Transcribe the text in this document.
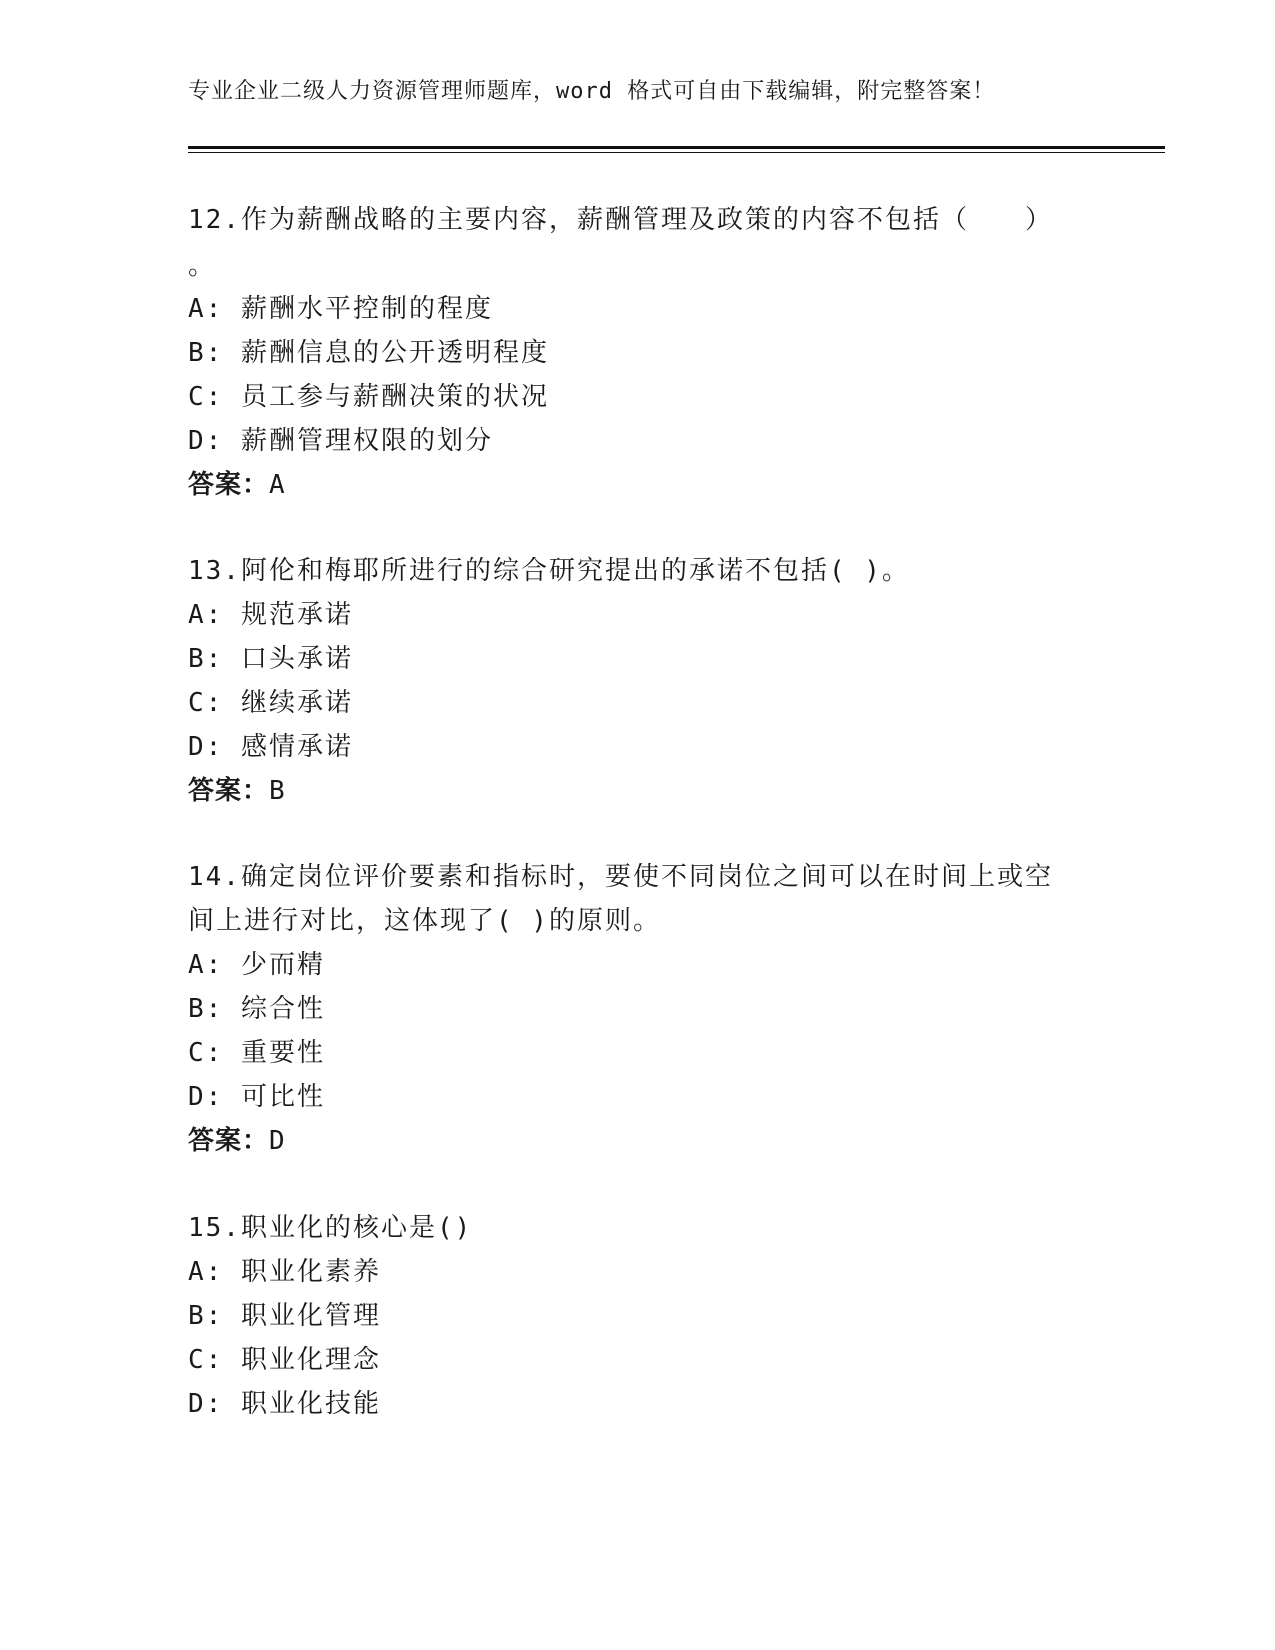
专业企业二级人力资源管理师题库，word 格式可自由下载编辑，附完整答案！
12.作为薪酬战略的主要内容，薪酬管理及政策的内容不包括（　　）
。
A: 薪酬水平控制的程度
B: 薪酬信息的公开透明程度
C: 员工参与薪酬决策的状况
D: 薪酬管理权限的划分
答案：A
13.阿伦和梅耶所进行的综合研究提出的承诺不包括( )。
A: 规范承诺
B: 口头承诺
C: 继续承诺
D: 感情承诺
答案：B
14.确定岗位评价要素和指标时，要使不同岗位之间可以在时间上或空
间上进行对比，这体现了( )的原则。
A: 少而精
B: 综合性
C: 重要性
D: 可比性
答案：D
15.职业化的核心是()
A: 职业化素养
B: 职业化管理
C: 职业化理念
D: 职业化技能
